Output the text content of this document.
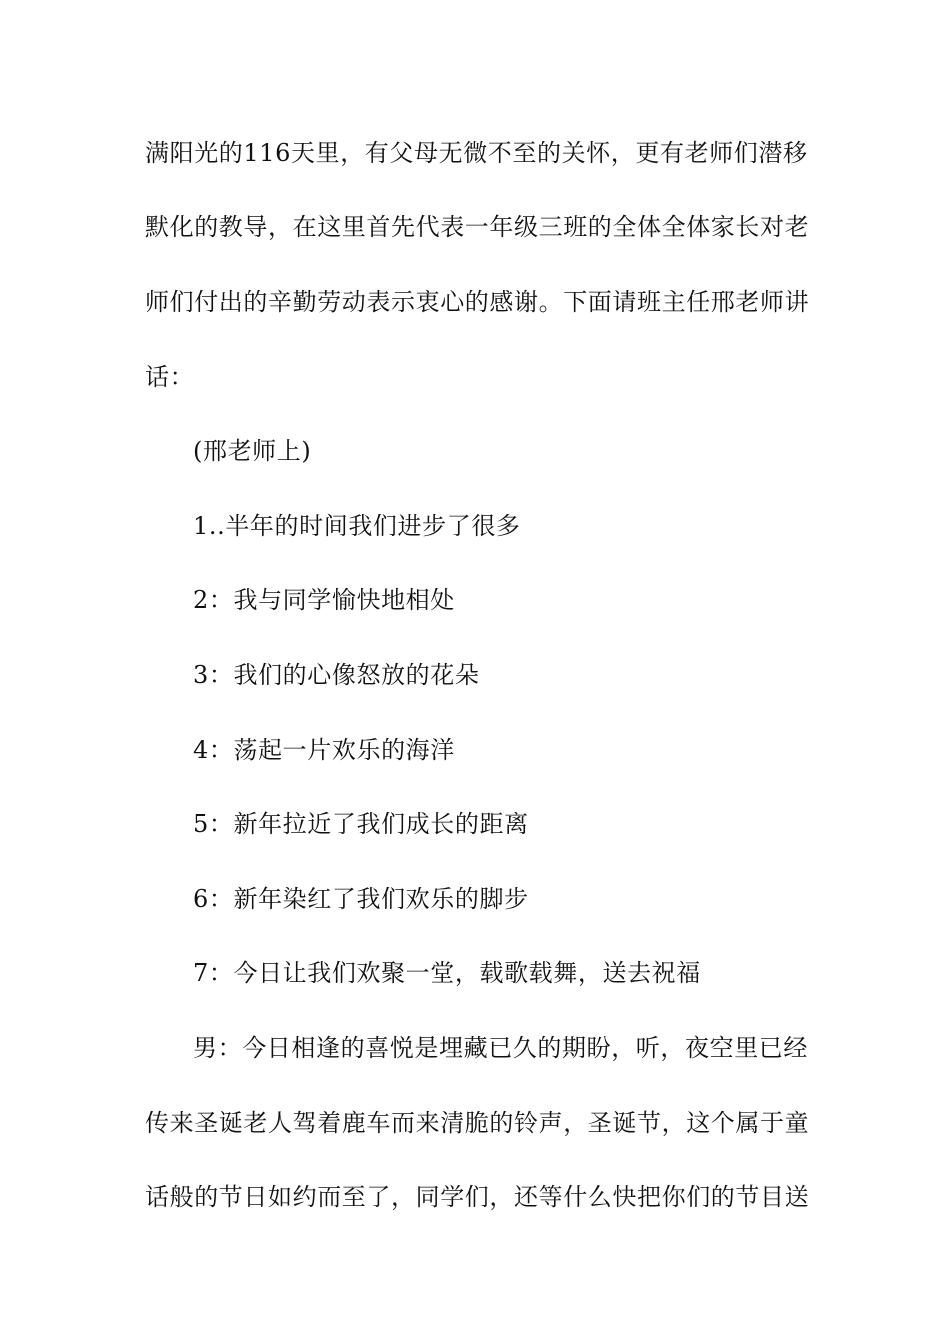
满阳光的116天里，有父母无微不至的关怀，更有老师们潜移
默化的教导，在这里首先代表一年级三班的全体全体家长对老
师们付出的辛勤劳动表示衷心的感谢。下面请班主任邢老师讲
话：
(邢老师上)
1..半年的时间我们进步了很多
2：我与同学愉快地相处
3：我们的心像怒放的花朵
4：荡起一片欢乐的海洋
5：新年拉近了我们成长的距离
6：新年染红了我们欢乐的脚步
7：今日让我们欢聚一堂，载歌载舞，送去祝福
男：今日相逢的喜悦是埋藏已久的期盼，听，夜空里已经
传来圣诞老人驾着鹿车而来清脆的铃声，圣诞节，这个属于童
话般的节日如约而至了，同学们，还等什么快把你们的节目送
